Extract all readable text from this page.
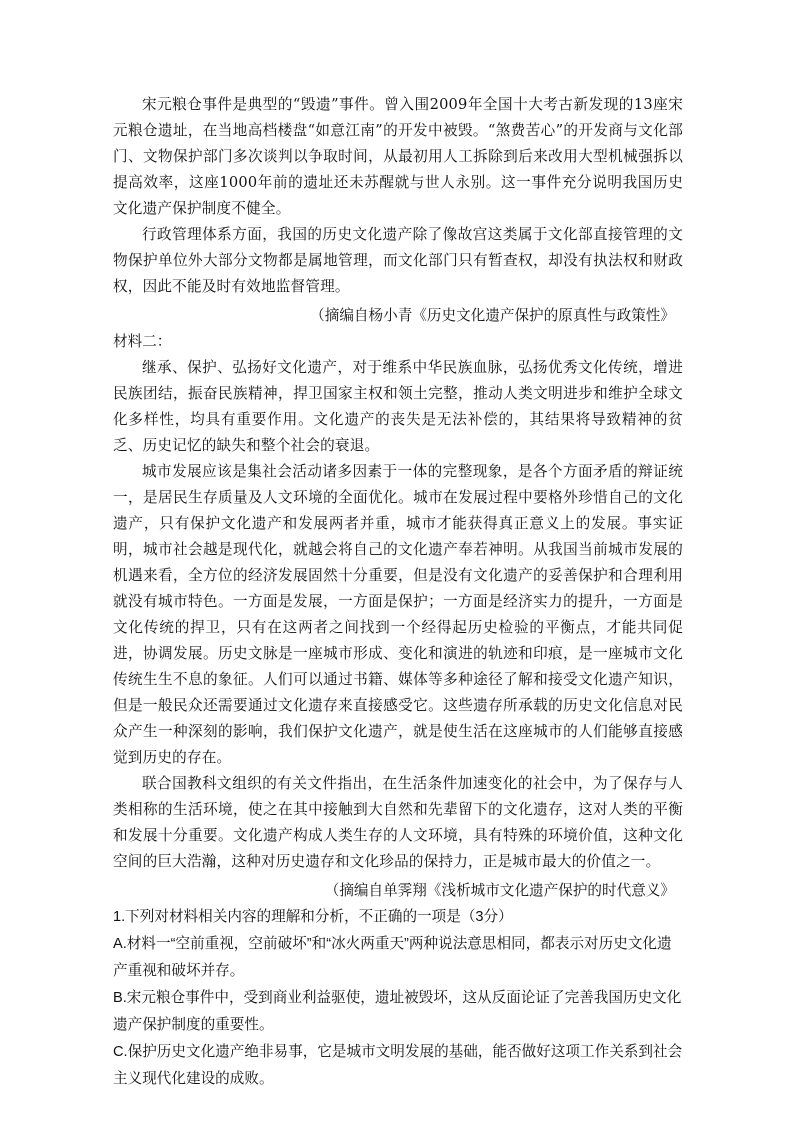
宋元粮仓事件是典型的“毁遗”事件。曾入围2009年全国十大考古新发现的13座宋元粮仓遗址，在当地高档楼盘“如意江南”的开发中被毁。“煞费苦心”的开发商与文化部门、文物保护部门多次谈判以争取时间，从最初用人工拆除到后来改用大型机械强拆以提高效率，这座1000年前的遗址还未苏醒就与世人永别。这一事件充分说明我国历史文化遗产保护制度不健全。

行政管理体系方面，我国的历史文化遗产除了像故宫这类属于文化部直接管理的文物保护单位外大部分文物都是属地管理，而文化部门只有暂查权，却没有执法权和财政权，因此不能及时有效地监督管理。

（摘编自杨小青《历史文化遗产保护的原真性与政策性》

材料二：

继承、保护、弘扬好文化遗产，对于维系中华民族血脉，弘扬优秀文化传统，增进民族团结，振奋民族精神，捍卫国家主权和领土完整，推动人类文明进步和维护全球文化多样性，均具有重要作用。文化遗产的丧失是无法补偿的，其结果将导致精神的贫乏、历史记忆的缺失和整个社会的衰退。

城市发展应该是集社会活动诸多因素于一体的完整现象，是各个方面矛盾的辩证统一，是居民生存质量及人文环境的全面优化。城市在发展过程中要格外珍惜自己的文化遗产，只有保护文化遗产和发展两者并重，城市才能获得真正意义上的发展。事实证明，城市社会越是现代化，就越会将自己的文化遗产奉若神明。从我国当前城市发展的机遇来看，全方位的经济发展固然十分重要，但是没有文化遗产的妥善保护和合理利用就没有城市特色。一方面是发展，一方面是保护；一方面是经济实力的提升，一方面是文化传统的捍卫，只有在这两者之间找到一个经得起历史检验的平衡点，才能共同促进，协调发展。历史文脉是一座城市形成、变化和演进的轨迹和印痕，是一座城市文化传统生生不息的象征。人们可以通过书籍、媒体等多种途径了解和接受文化遗产知识，但是一般民众还需要通过文化遗存来直接感受它。这些遗存所承载的历史文化信息对民众产生一种深刻的影响，我们保护文化遗产，就是使生活在这座城市的人们能够直接感觉到历史的存在。

联合国教科文组织的有关文件指出，在生活条件加速变化的社会中，为了保存与人类相称的生活环境，使之在其中接触到大自然和先辈留下的文化遗存，这对人类的平衡和发展十分重要。文化遗产构成人类生存的人文环境，具有特殊的环境价值，这种文化空间的巨大浩瀚，这种对历史遗存和文化珍品的保持力，正是城市最大的价值之一。

（摘编自单霁翔《浅析城市文化遗产保护的时代意义》

1.下列对材料相关内容的理解和分析，不正确的一项是（3分）

A.材料一“空前重视，空前破坏”和“冰火两重天”两种说法意思相同，都表示对历史文化遗产重视和破坏并存。

B.宋元粮仓事件中，受到商业利益驱使，遗址被毁坏，这从反面论证了完善我国历史文化遗产保护制度的重要性。

C.保护历史文化遗产绝非易事，它是城市文明发展的基础，能否做好这项工作关系到社会主义现代化建设的成败。
